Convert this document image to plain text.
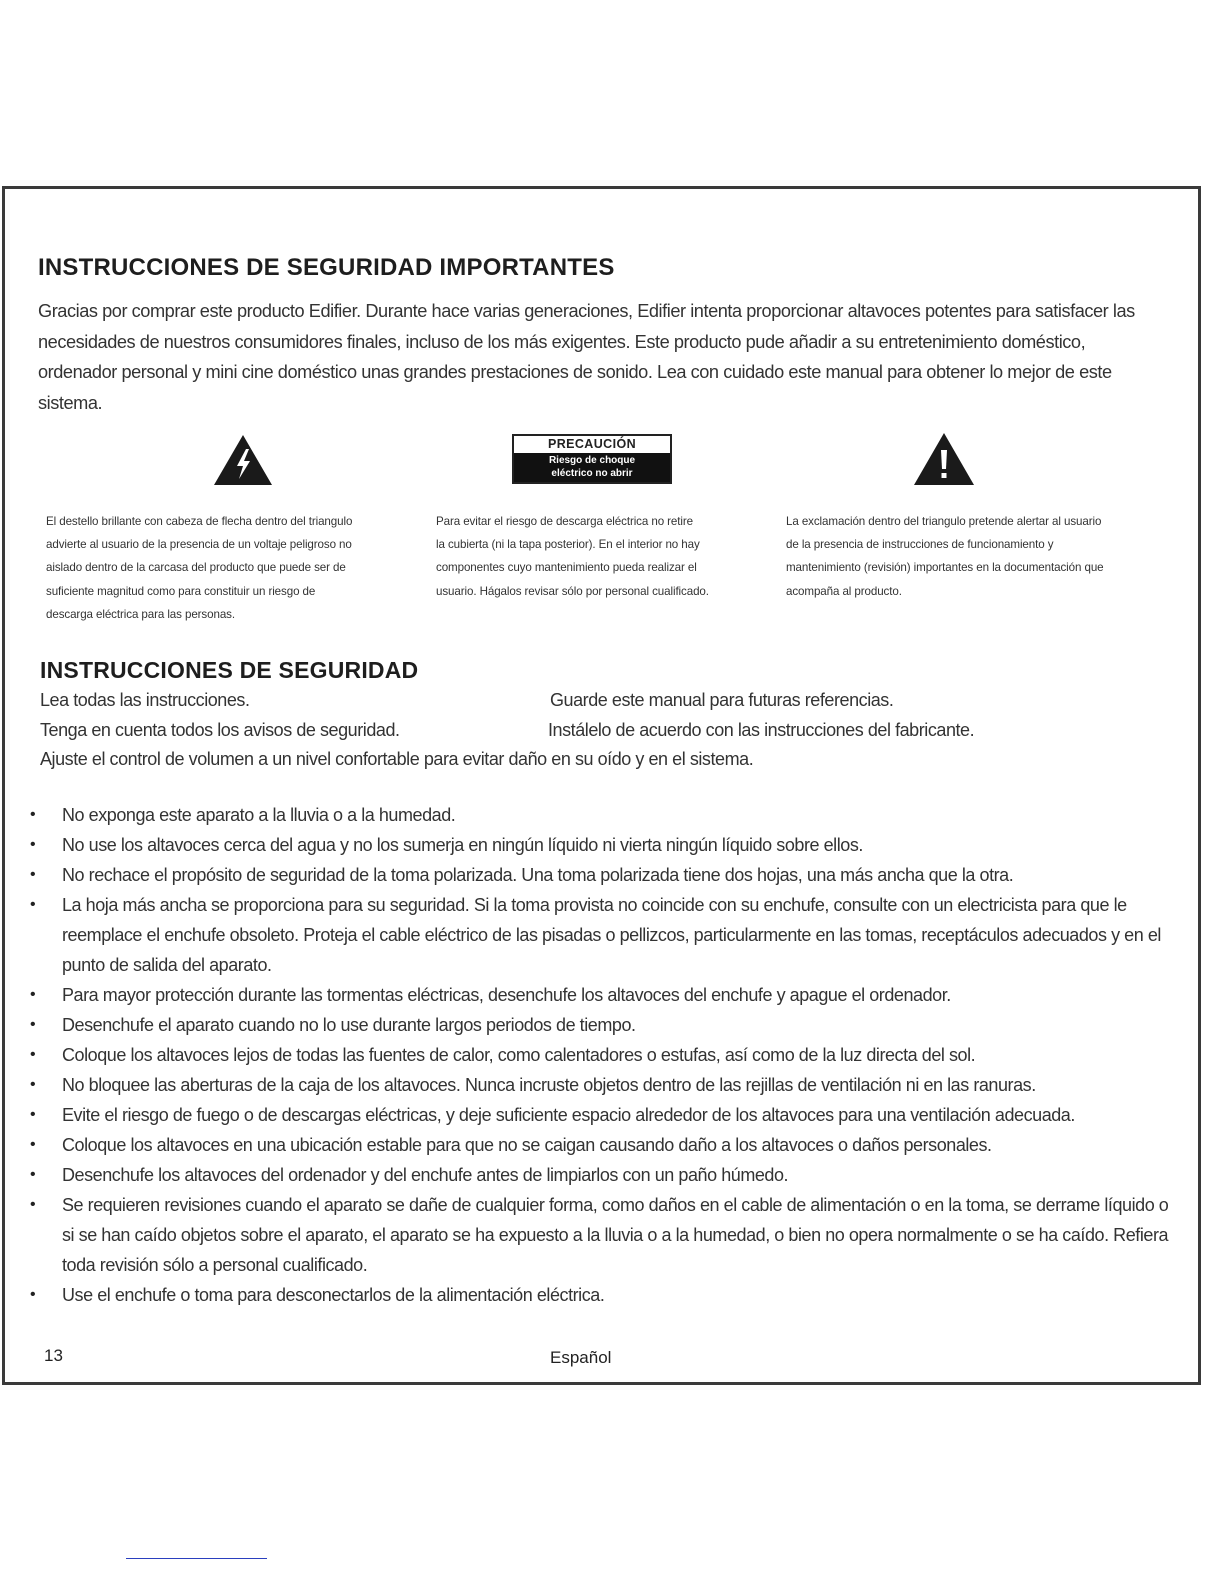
INSTRUCCIONES DE SEGURIDAD IMPORTANTES
Gracias por comprar este producto Edifier. Durante hace varias generaciones, Edifier intenta proporcionar altavoces potentes para satisfacer las necesidades de nuestros consumidores finales, incluso de los más exigentes. Este producto pude añadir a su entretenimiento doméstico, ordenador personal y mini cine doméstico unas grandes prestaciones de sonido. Lea con cuidado este manual para obtener lo mejor de este sistema.
PRECAUCIÓN
Riesgo de choque
eléctrico no abrir
El destello brillante con cabeza de flecha dentro del triangulo
advierte al usuario de la presencia de un voltaje peligroso no
aislado dentro de la carcasa del producto que puede ser de
suficiente magnitud como para constituir un riesgo de
descarga eléctrica para las personas.
Para evitar el riesgo de descarga eléctrica no retire
la cubierta (ni la tapa posterior). En el interior no hay
componentes cuyo mantenimiento pueda realizar el
usuario. Hágalos revisar sólo por personal cualificado.
La exclamación dentro del triangulo pretende alertar al usuario
de la presencia de instrucciones de funcionamiento y
mantenimiento (revisión) importantes en la documentación que
acompaña al producto.
INSTRUCCIONES DE SEGURIDAD
Lea todas las instrucciones.	Guarde este manual para futuras referencias.
Tenga en cuenta todos los avisos de seguridad.	Instálelo de acuerdo con las instrucciones del fabricante.
Ajuste el control de volumen a un nivel confortable para evitar daño en su oído y en el sistema.
• No exponga este aparato a la lluvia o a la humedad.
• No use los altavoces cerca del agua y no los sumerja en ningún líquido ni vierta ningún líquido sobre ellos.
• No rechace el propósito de seguridad de la toma polarizada. Una toma polarizada tiene dos hojas, una más ancha que la otra.
• La hoja más ancha se proporciona para su seguridad. Si la toma provista no coincide con su enchufe, consulte con un electricista para que le reemplace el enchufe obsoleto. Proteja el cable eléctrico de las pisadas o pellizcos, particularmente en las tomas, receptáculos adecuados y en el punto de salida del aparato.
• Para mayor protección durante las tormentas eléctricas, desenchufe los altavoces del enchufe y apague el ordenador.
• Desenchufe el aparato cuando no lo use durante largos periodos de tiempo.
• Coloque los altavoces lejos de todas las fuentes de calor, como calentadores o estufas, así como de la luz directa del sol.
• No bloquee las aberturas de la caja de los altavoces. Nunca incruste objetos dentro de las rejillas de ventilación ni en las ranuras.
• Evite el riesgo de fuego o de descargas eléctricas, y deje suficiente espacio alrededor de los altavoces para una ventilación adecuada.
• Coloque los altavoces en una ubicación estable para que no se caigan causando daño a los altavoces o daños personales.
• Desenchufe los altavoces del ordenador y del enchufe antes de limpiarlos con un paño húmedo.
• Se requieren revisiones cuando el aparato se dañe de cualquier forma, como daños en el cable de alimentación o en la toma, se derrame líquido o si se han caído objetos sobre el aparato, el aparato se ha expuesto a la lluvia o a la humedad, o bien no opera normalmente o se ha caído. Refiera toda revisión sólo a personal cualificado.
• Use el enchufe o toma para desconectarlos de la alimentación eléctrica.
13	Español
